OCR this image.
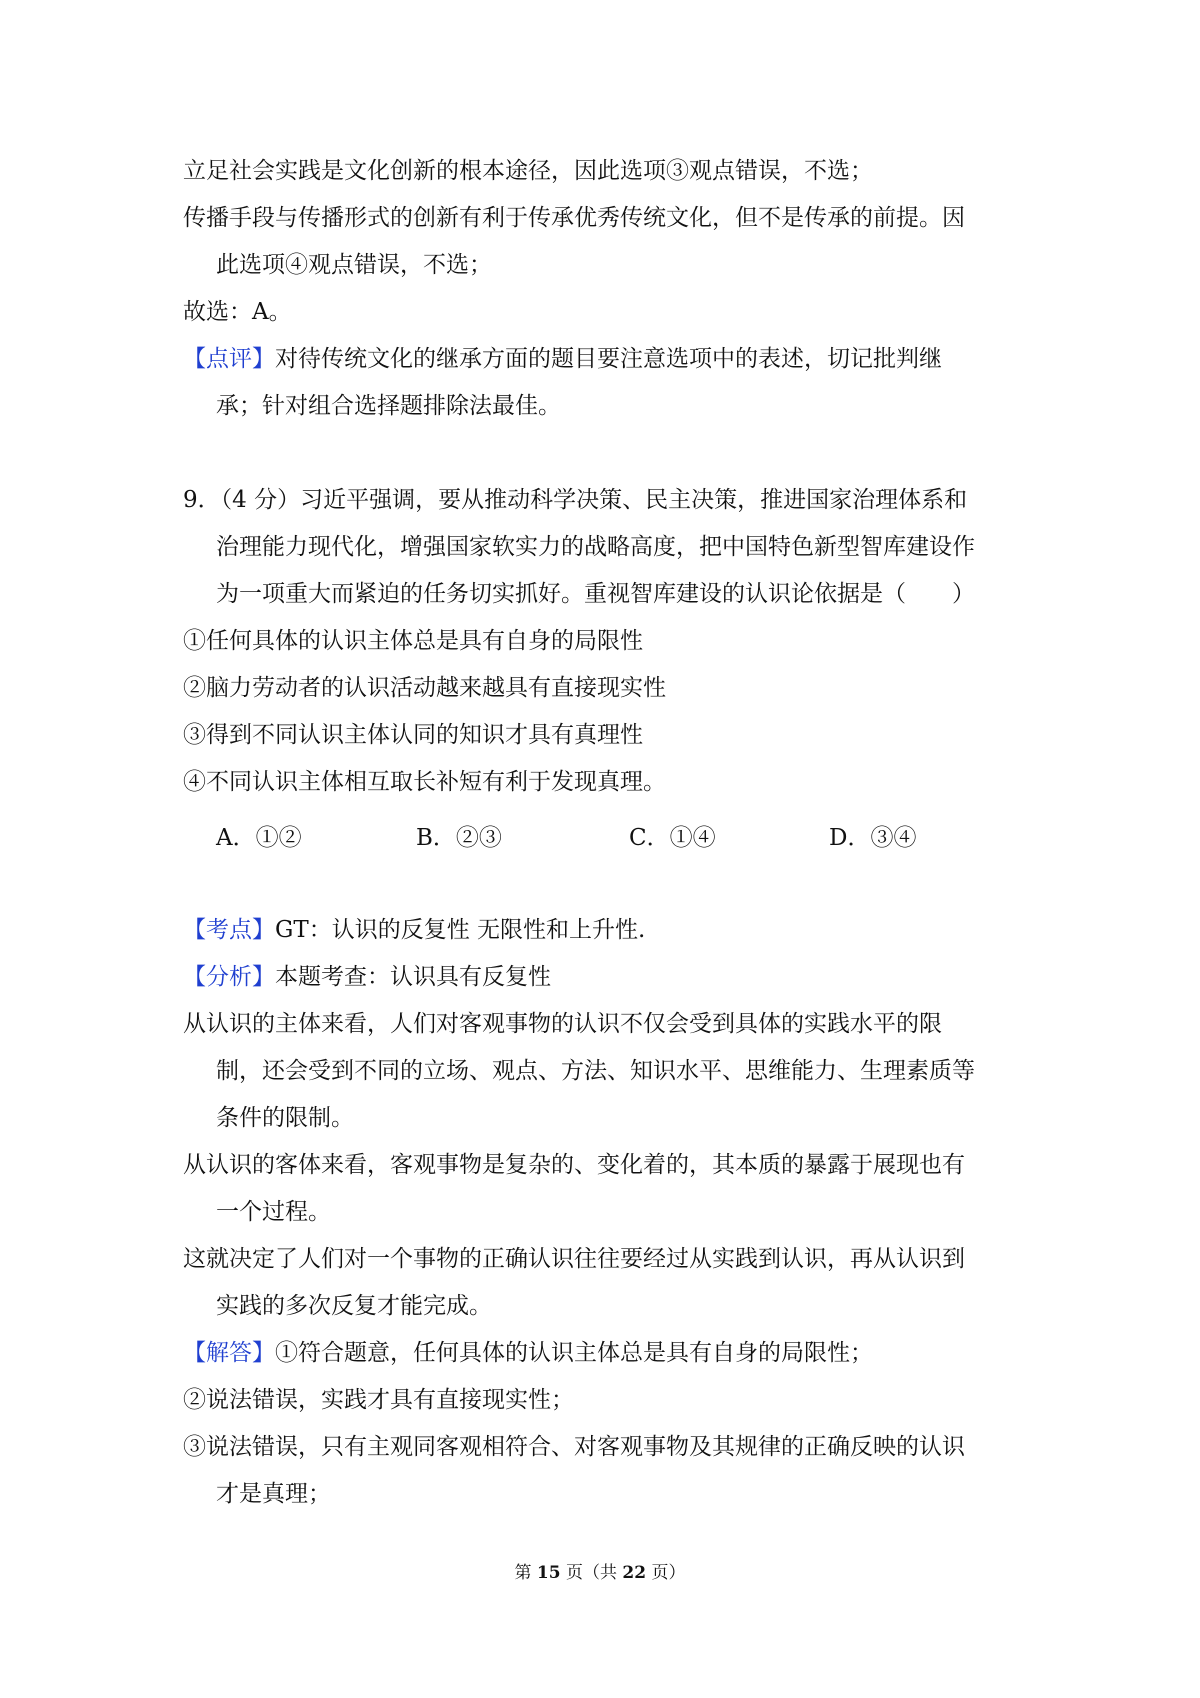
立足社会实践是文化创新的根本途径，因此选项③观点错误，不选；
传播手段与传播形式的创新有利于传承优秀传统文化，但不是传承的前提。因
此选项④观点错误，不选；
故选：A。
【点评】对待传统文化的继承方面的题目要注意选项中的表述，切记批判继
承；针对组合选择题排除法最佳。
9．（4 分）习近平强调，要从推动科学决策、民主决策，推进国家治理体系和
治理能力现代化，增强国家软实力的战略高度，把中国特色新型智库建设作
为一项重大而紧迫的任务切实抓好。重视智库建设的认识论依据是（　　）
①任何具体的认识主体总是具有自身的局限性
②脑力劳动者的认识活动越来越具有直接现实性
③得到不同认识主体认同的知识才具有真理性
④不同认识主体相互取长补短有利于发现真理。
A．①②	B．②③	C．①④	D．③④
【考点】GT：认识的反复性 无限性和上升性.
【分析】本题考查：认识具有反复性
从认识的主体来看，人们对客观事物的认识不仅会受到具体的实践水平的限
制，还会受到不同的立场、观点、方法、知识水平、思维能力、生理素质等
条件的限制。
从认识的客体来看，客观事物是复杂的、变化着的，其本质的暴露于展现也有
一个过程。
这就决定了人们对一个事物的正确认识往往要经过从实践到认识，再从认识到
实践的多次反复才能完成。
【解答】①符合题意，任何具体的认识主体总是具有自身的局限性；
②说法错误，实践才具有直接现实性；
③说法错误，只有主观同客观相符合、对客观事物及其规律的正确反映的认识
才是真理；
第 15 页（共 22 页）
